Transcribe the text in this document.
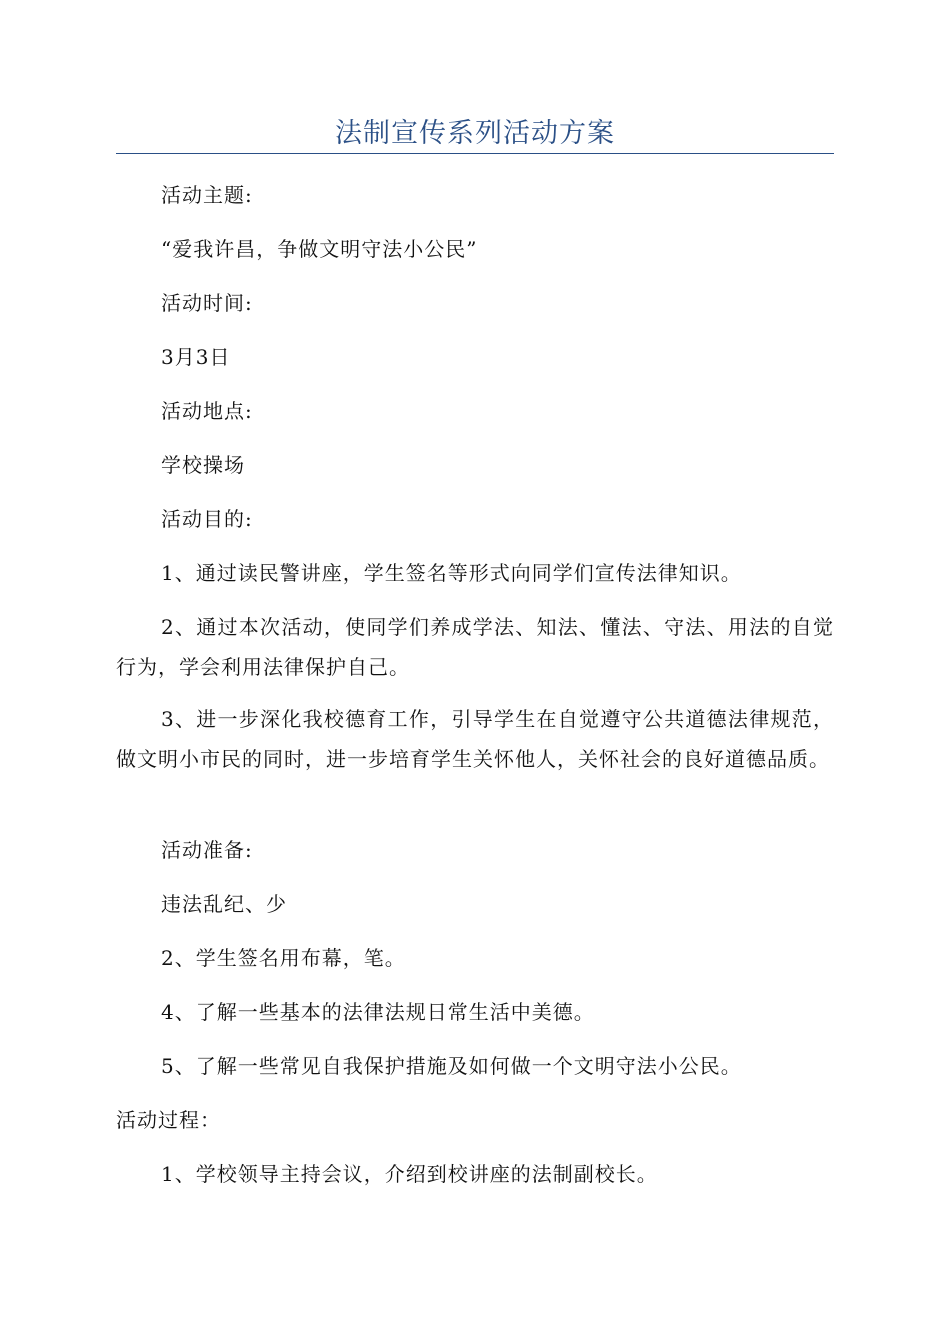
法制宣传系列活动方案

活动主题:

“爱我许昌，争做文明守法小公民”

活动时间:

3月3日

活动地点:

学校操场

活动目的:

1、通过读民警讲座，学生签名等形式向同学们宣传法律知识。

2、通过本次活动，使同学们养成学法、知法、懂法、守法、用法的自觉行为，学会利用法律保护自己。

3、进一步深化我校德育工作，引导学生在自觉遵守公共道德法律规范，做文明小市民的同时，进一步培育学生关怀他人，关怀社会的良好道德品质。

活动准备:

违法乱纪、少

2、学生签名用布幕，笔。

4、了解一些基本的法律法规日常生活中美德。

5、了解一些常见自我保护措施及如何做一个文明守法小公民。

活动过程：

1、学校领导主持会议，介绍到校讲座的法制副校长。
